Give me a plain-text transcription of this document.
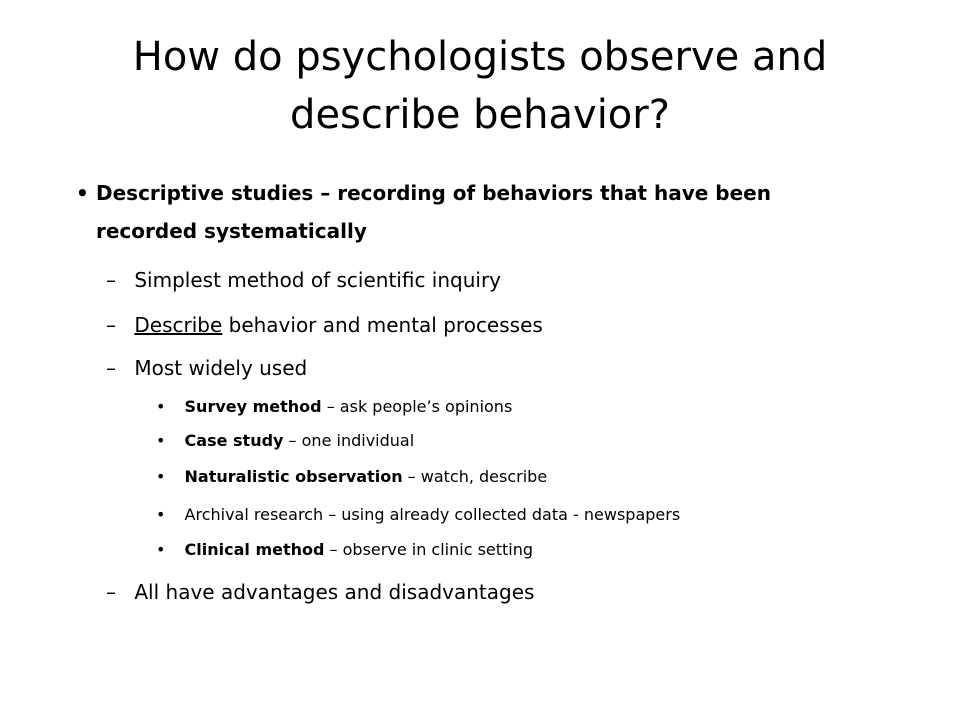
How do psychologists observe and describe behavior?
• Descriptive studies – recording of behaviors that have been recorded systematically
– Simplest method of scientific inquiry
– Describe behavior and mental processes
– Most widely used
• Survey method – ask people’s opinions
• Case study – one individual
• Naturalistic observation – watch, describe
• Archival research – using already collected data - newspapers
• Clinical method – observe in clinic setting
– All have advantages and disadvantages
